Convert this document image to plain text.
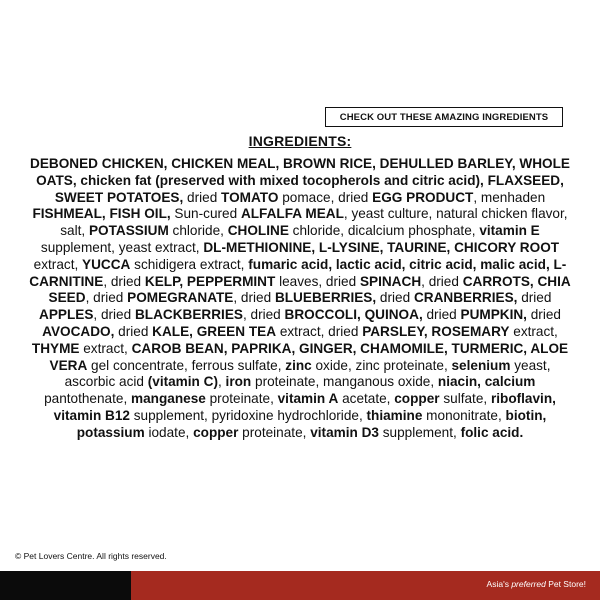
CHECK OUT THESE AMAZING INGREDIENTS
INGREDIENTS:
DEBONED CHICKEN, CHICKEN MEAL, BROWN RICE, DEHULLED BARLEY, WHOLE OATS, chicken fat (preserved with mixed tocopherols and citric acid), FLAXSEED, SWEET POTATOES, dried TOMATO pomace, dried EGG PRODUCT, menhaden FISHMEAL, FISH OIL, Sun-cured ALFALFA MEAL, yeast culture, natural chicken flavor, salt, POTASSIUM chloride, CHOLINE chloride, dicalcium phosphate, vitamin E supplement, yeast extract, DL-METHIONINE, L-LYSINE, TAURINE, CHICORY ROOT extract, YUCCA schidigera extract, fumaric acid, lactic acid, citric acid, malic acid, L-CARNITINE, dried KELP, PEPPERMINT leaves, dried SPINACH, dried CARROTS, CHIA SEED, dried POMEGRANATE, dried BLUEBERRIES, dried CRANBERRIES, dried APPLES, dried BLACKBERRIES, dried BROCCOLI, QUINOA, dried PUMPKIN, dried AVOCADO, dried KALE, GREEN TEA extract, dried PARSLEY, ROSEMARY extract, THYME extract, CAROB BEAN, PAPRIKA, GINGER, CHAMOMILE, TURMERIC, ALOE VERA gel concentrate, ferrous sulfate, zinc oxide, zinc proteinate, selenium yeast, ascorbic acid (vitamin C), iron proteinate, manganous oxide, niacin, calcium pantothenate, manganese proteinate, vitamin A acetate, copper sulfate, riboflavin, vitamin B12 supplement, pyridoxine hydrochloride, thiamine mononitrate, biotin, potassium iodate, copper proteinate, vitamin D3 supplement, folic acid.
© Pet Lovers Centre. All rights reserved.
Asia's preferred Pet Store!
